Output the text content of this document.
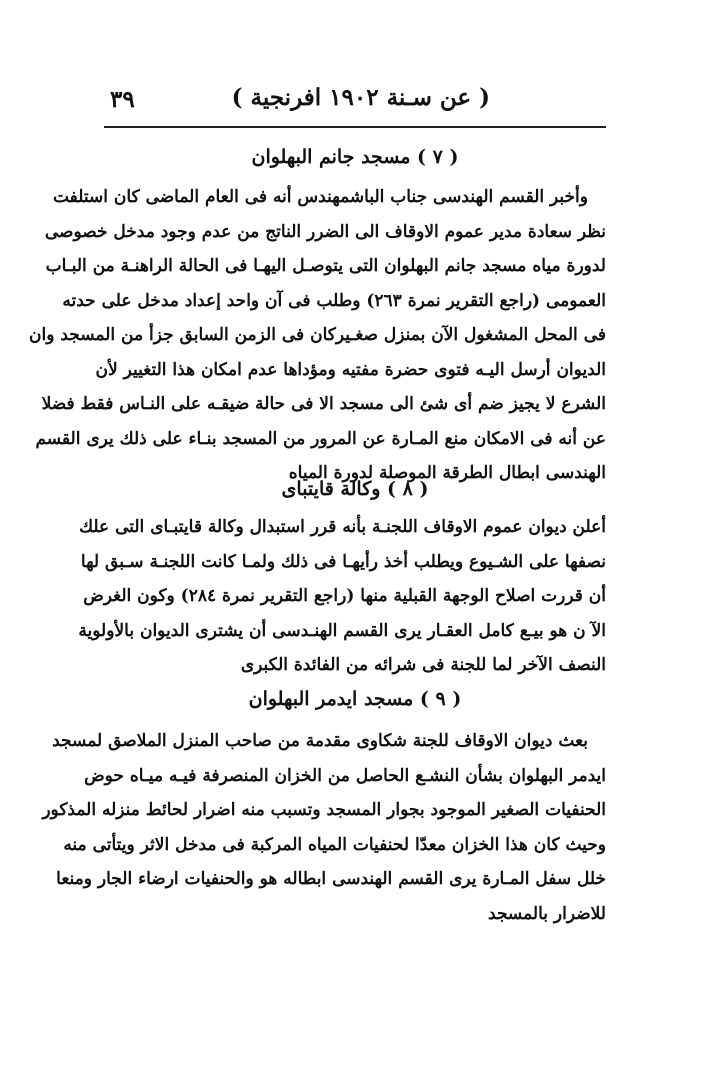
٣٩	( عن سـنة ١٩٠٢ افرنجية )
( ٧ ) مسجد جانم البهلوان
وأخبر القسم الهندسى جناب الباشمهندس أنه فى العام الماضى كان استلفت
نظر سعادة مدير عموم الاوقاف الى الضرر الناتج من عدم وجود مدخل خصوصى
لدورة مياه مسجد جانم البهلوان التى يتوصـل اليهـا فى الحالة الراهنـة من البـاب
العمومى (راجع التقرير نمرة ٢٦٣) وطلب فى آن واحد إعداد مدخل على حدته
فى المحل المشغول الآن بمنزل صغـيركان فى الزمن السابق جزأ من المسجد وان
الديوان أرسل اليـه فتوى حضرة مفتيه ومؤداها عدم امكان هذا التغيير لأن
الشرع لا يجيز ضم أى شئ الى مسجد الا فى حالة ضيقـه على النـاس فقط فضلا
عن أنه فى الامكان منع المـارة عن المرور من المسجد بنـاء على ذلك يرى القسم
الهندسى ابطال الطرقة الموصلة لدورة المياه
( ٨ ) وكالة قايتباى
أعلن ديوان عموم الاوقاف اللجنـة بأنه قرر استبدال وكالة قايتبـاى التى علك
نصفها على الشـيوع ويطلب أخذ رأيهـا فى ذلك ولمـا كانت اللجنـة سـبق لها
أن قررت اصلاح الوجهة القبلية منها (راجع التقرير نمرة ٢٨٤) وكون الغرض
الآ ن هو بيـع كامل العقـار يرى القسم الهنـدسى أن يشترى الديوان بالأولوية
النصف الآخر لما للجنة فى شرائه من الفائدة الكبرى
( ٩ ) مسجد ايدمر البهلوان
بعث ديوان الاوقاف للجنة شكاوى مقدمة من صاحب المنزل الملاصق لمسجد
ايدمر البهلوان بشأن النشـع الحاصل من الخزان المنصرفة فيـه ميـاه حوض
الحنفيات الصغير الموجود بجوار المسجد وتسبب منه اضرار لحائط منزله المذكور
وحيث كان هذا الخزان معدّا لحنفيات المياه المركبة فى مدخل الاثر ويتأتى منه
خلل سفل المـارة يرى القسم الهندسى ابطاله هو والحنفيات ارضاء الجار ومنعا
للاضرار بالمسجد
